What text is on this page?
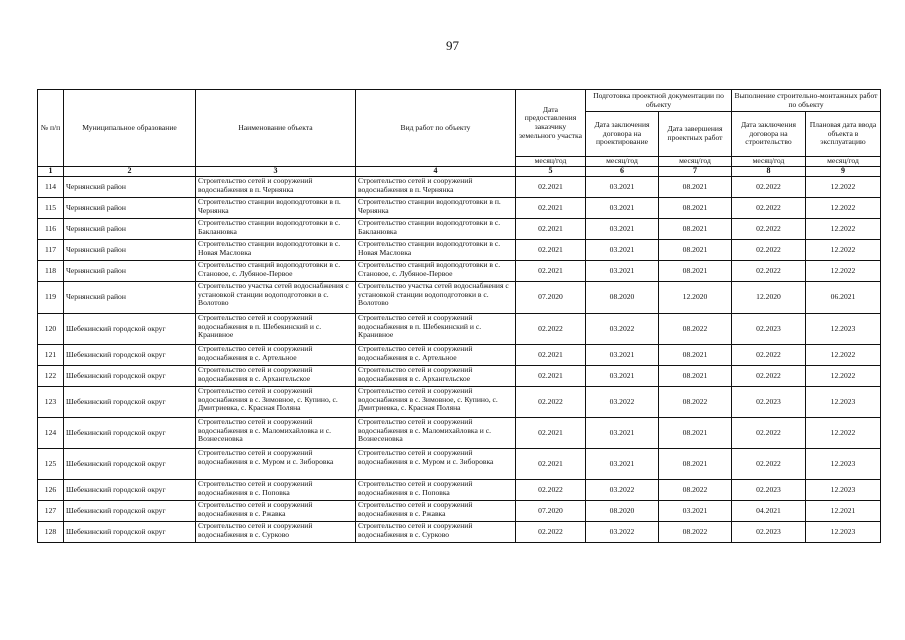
97
№ п/п	Муниципальное образование	Наименование объекта	Вид работ по объекту	Дата предоставления заказчику земельного участка	Подготовка проектной документации по объекту		Выполнение строительно-монтажных работ по объекту	
					Дата заключения договора на проектирование	Дата завершения проектных работ	Дата заключения договора на строительство	Плановая дата ввода объекта в эксплуатацию
				месяц/год	месяц/год	месяц/год	месяц/год	месяц/год
1	2	3	4	5	6	7	8	9
114	Чернянский район	Строительство сетей и сооружений водоснабжения в п. Чернянка	Строительство сетей и сооружений водоснабжения в п. Чернянка	02.2021	03.2021	08.2021	02.2022	12.2022
115	Чернянский район	Строительство станции водоподготовки в п. Чернянка	Строительство станции водоподготовки в п. Чернянка	02.2021	03.2021	08.2021	02.2022	12.2022
116	Чернянский район	Строительство станции водоподготовки в с. Бакланювка	Строительство станции водоподготовки в с. Бакланювка	02.2021	03.2021	08.2021	02.2022	12.2022
117	Чернянский район	Строительство станции водоподготовки в с. Новая Масловка	Строительство станции водоподготовки в с. Новая Масловка	02.2021	03.2021	08.2021	02.2022	12.2022
118	Чернянский район	Строительство станций водоподготовки в с. Становое, с. Лубяное-Первое	Строительство станций водоподготовки в с. Становое, с. Лубяное-Первое	02.2021	03.2021	08.2021	02.2022	12.2022
119	Чернянский район	Строительство участка сетей водоснабжения с установкой станции водоподготовки в с. Волотово	Строительство участка сетей водоснабжения с установкой станции водоподготовки в с. Волотово	07.2020	08.2020	12.2020	12.2020	06.2021
120	Шебекинский городской округ	Строительство сетей и сооружений водоснабжения в п. Шебекинский и с. Кранивное	Строительство сетей и сооружений водоснабжения в п. Шебекинский и с. Кранивное	02.2022	03.2022	08.2022	02.2023	12.2023
121	Шебекинский городской округ	Строительство сетей и сооружений водоснабжения в с. Артельное	Строительство сетей и сооружений водоснабжения в с. Артельное	02.2021	03.2021	08.2021	02.2022	12.2022
122	Шебекинский городской округ	Строительство сетей и сооружений водоснабжения в с. Архангельское	Строительство сетей и сооружений водоснабжения в с. Архангельское	02.2021	03.2021	08.2021	02.2022	12.2022
123	Шебекинский городской округ	Строительство сетей и сооружений водоснабжения в с. Зимовное, с. Купино, с. Дмитриевка, с. Красная Поляна	Строительство сетей и сооружений водоснабжения в с. Зимовное, с. Купино, с. Дмитриевка, с. Красная Поляна	02.2022	03.2022	08.2022	02.2023	12.2023
124	Шебекинский городской округ	Строительство сетей и сооружений водоснабжения в с. Маломихайловка и с. Вознесеновка	Строительство сетей и сооружений водоснабжения в с. Маломихайловка и с. Вознесеновка	02.2021	03.2021	08.2021	02.2022	12.2022
125	Шебекинский городской округ	Строительство сетей и сооружений водоснабжения в с. Муром и с. Зиборовка	Строительство сетей и сооружений водоснабжения в с. Муром и с. Зиборовка	02.2021	03.2021	08.2021	02.2022	12.2023
126	Шебекинский городской округ	Строительство сетей и сооружений водоснабжения в с. Поповка	Строительство сетей и сооружений водоснабжения в с. Поповка	02.2022	03.2022	08.2022	02.2023	12.2023
127	Шебекинский городской округ	Строительство сетей и сооружений водоснабжения в с. Ржавка	Строительство сетей и сооружений водоснабжения в с. Ржавка	07.2020	08.2020	03.2021	04.2021	12.2021
128	Шебекинский городской округ	Строительство сетей и сооружений водоснабжения в с. Сурково	Строительство сетей и сооружений водоснабжения в с. Сурково	02.2022	03.2022	08.2022	02.2023	12.2023
